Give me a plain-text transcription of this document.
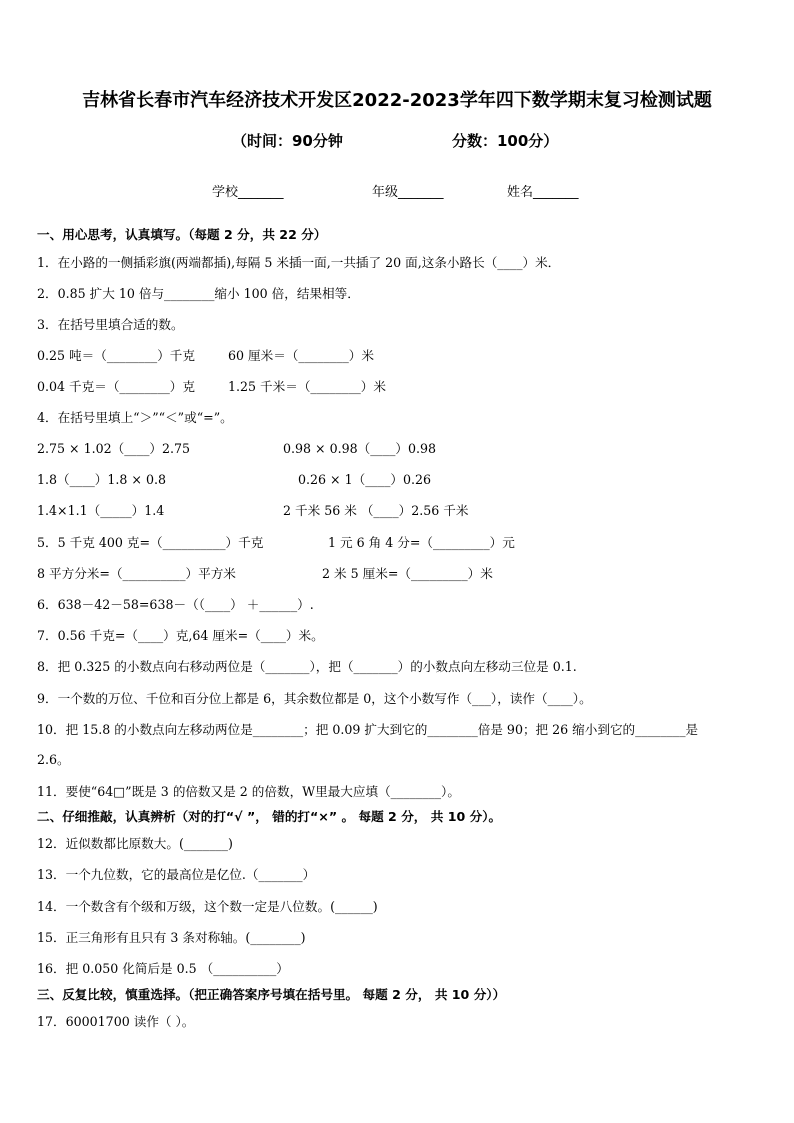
吉林省长春市汽车经济技术开发区2022-2023学年四下数学期末复习检测试题
（时间：90分钟	分数：100分）
学校_______	年级_______	姓名_______
一、用心思考，认真填写。（每题 2 分，共 22 分）
1．在小路的一侧插彩旗(两端都插),每隔 5 米插一面,一共插了 20 面,这条小路长（____）米．
2．0.85 扩大 10 倍与________缩小 100 倍，结果相等．
3．在括号里填合适的数。
0.25 吨＝（________）千克	60 厘米＝（________）米
0.04 千克＝（________）克	1.25 千米＝（________）米
4．在括号里填上“＞”“＜”或“=”。
2.75 × 1.02（____）2.75	0.98 × 0.98（____）0.98
1.8（____）1.8 × 0.8	0.26 × 1（____）0.26
1.4×1.1（_____）1.4	2 千米 56 米 （____）2.56 千米
5．5 千克 400 克=（__________）千克	1 元 6 角 4 分=（_________）元
8 平方分米=（__________）平方米	2 米 5 厘米=（_________）米
6．638－42－58=638－（（____） ＋______）.
7．0.56 千克=（____）克,64 厘米=（____）米。
8．把 0.325 的小数点向右移动两位是（_______），把（_______）的小数点向左移动三位是 0.1.
9．一个数的万位、千位和百分位上都是 6，其余数位都是 0，这个小数写作（___），读作（____）。
10．把 15.8 的小数点向左移动两位是________；把 0.09 扩大到它的________倍是 90；把 26 缩小到它的________是
2.6。
11．要使“64□”既是 3 的倍数又是 2 的倍数，W里最大应填（________）。
二、仔细推敲，认真辨析（对的打“√ ”， 错的打“×” 。 每题 2 分， 共 10 分）。
12．近似数都比原数大。(_______)
13．一个九位数，它的最高位是亿位.（_______）
14．一个数含有个级和万级，这个数一定是八位数。(______)
15．正三角形有且只有 3 条对称轴。(________)
16．把 0.050 化简后是 0.5 （__________）
三、反复比较，慎重选择。（把正确答案序号填在括号里。 每题 2 分， 共 10 分））
17．60001700 读作（ ）。
